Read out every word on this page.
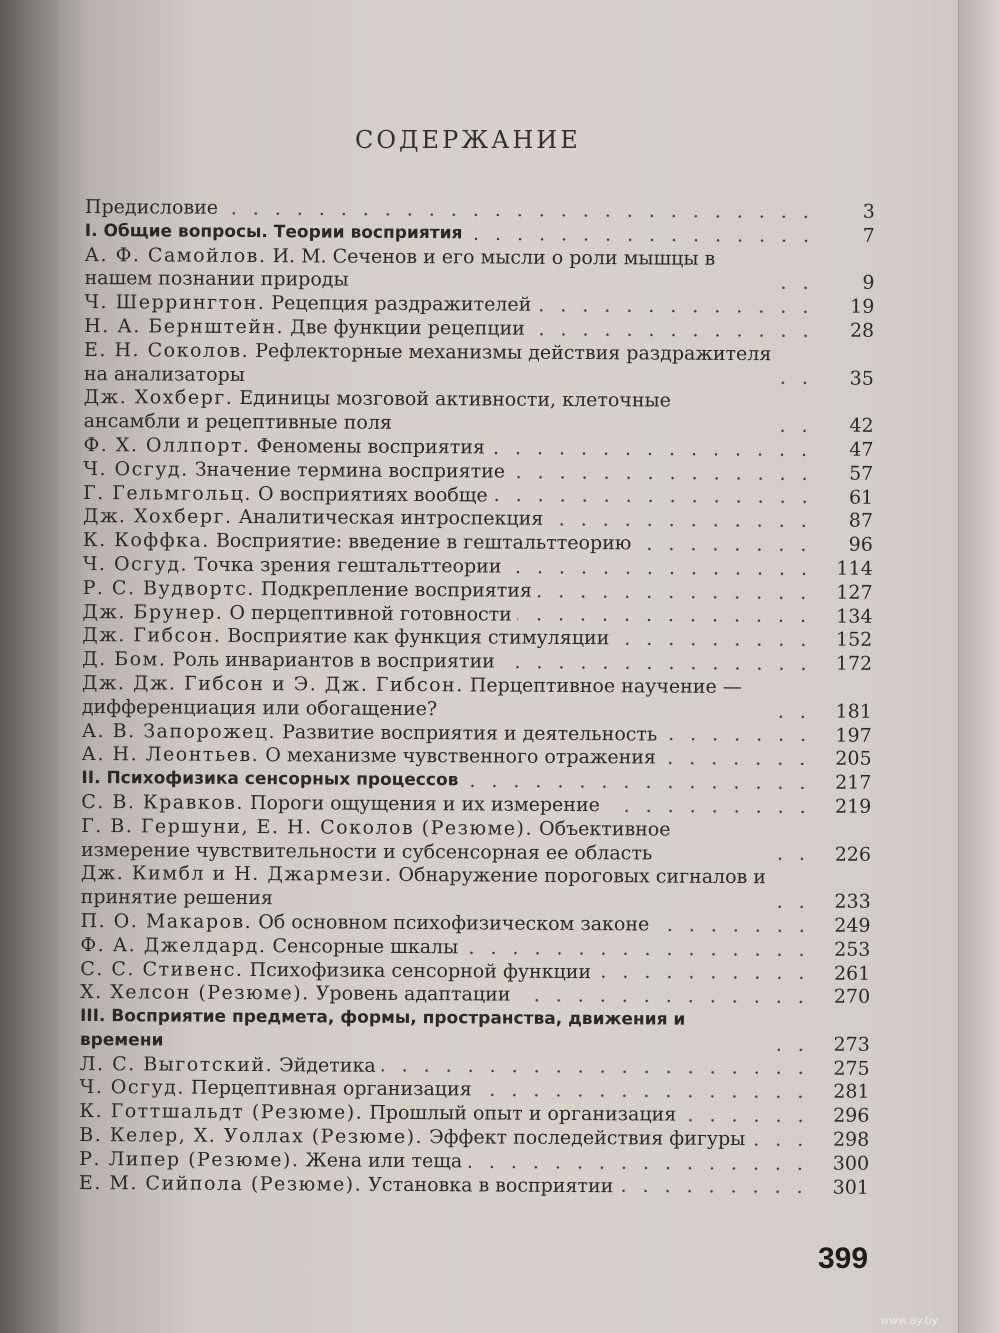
СОДЕРЖАНИЕ
Предисловие	3
I. Общие вопросы. Теории восприятия	7
А. Ф. Самойлов. И. М. Сеченов и его мысли о роли мышцы в нашем познании природы	9
Ч. Шеррингтон. Рецепция раздражителей	19
Н. А. Бернштейн. Две функции рецепции	28
Е. Н. Соколов. Рефлекторные механизмы действия раздражителя на анализаторы	35
Дж. Хохберг. Единицы мозговой активности, клеточные ансамбли и рецептивные поля	42
Ф. Х. Оллпорт. Феномены восприятия	47
Ч. Осгуд. Значение термина восприятие	57
Г. Гельмгольц. О восприятиях вообще	61
Дж. Хохберг. Аналитическая интроспекция	87
К. Коффка. Восприятие: введение в гештальттеорию	96
Ч. Осгуд. Точка зрения гештальттеории	114
Р. С. Вудвортс. Подкрепление восприятия	127
Дж. Брунер. О перцептивной готовности	134
Дж. Гибсон. Восприятие как функция стимуляции	152
Д. Бом. Роль инвариантов в восприятии	172
Дж. Дж. Гибсон и Э. Дж. Гибсон. Перцептивное научение — дифференциация или обогащение?	181
А. В. Запорожец. Развитие восприятия и деятельность	197
А. Н. Леонтьев. О механизме чувственного отражения	205
II. Психофизика сенсорных процессов	217
С. В. Кравков. Пороги ощущения и их измерение	219
Г. В. Гершуни, Е. Н. Соколов (Резюме). Объективное измерение чувствительности и субсенсорная ее область	226
Дж. Кимбл и Н. Джармези. Обнаружение пороговых сигналов и принятие решения	233
П. О. Макаров. Об основном психофизическом законе	249
Ф. А. Джелдард. Сенсорные шкалы	253
С. С. Стивенс. Психофизика сенсорной функции	261
Х. Хелсон (Резюме). Уровень адаптации	270
III. Восприятие предмета, формы, пространства, движения и времени	273
Л. С. Выготский. Эйдетика	275
Ч. Осгуд. Перцептивная организация	281
К. Готтшальдт (Резюме). Прошлый опыт и организация	296
В. Келер, Х. Уоллах (Резюме). Эффект последействия фигуры	298
Р. Липер (Резюме). Жена или теща	300
Е. М. Сийпола (Резюме). Установка в восприятии	301
399
www.ay.by
